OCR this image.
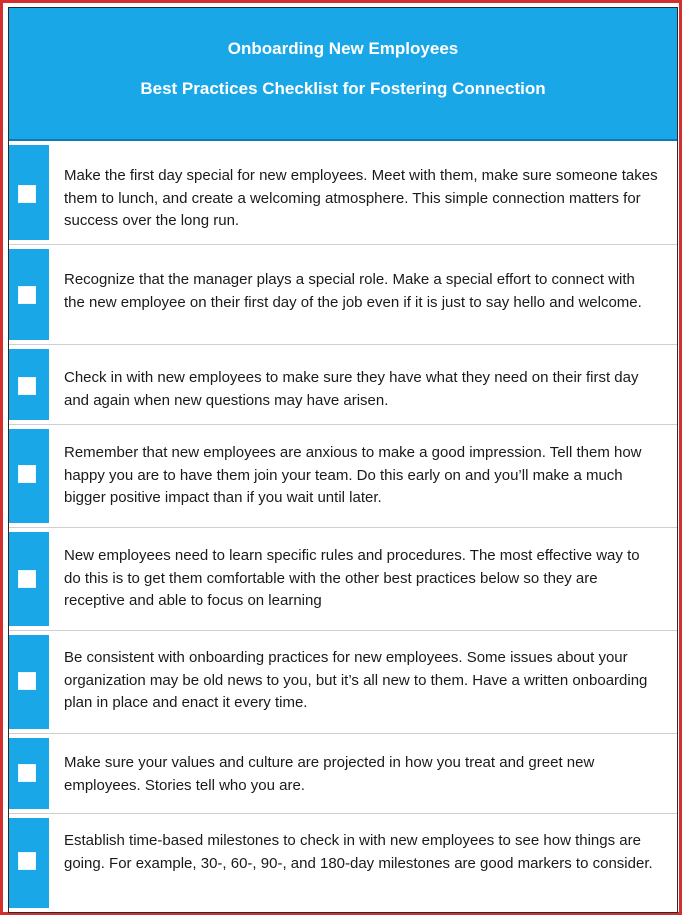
Onboarding New Employees
Best Practices Checklist for Fostering Connection
Make the first day special for new employees. Meet with them, make sure someone takes them to lunch, and create a welcoming atmosphere. This simple connection matters for success over the long run.
Recognize that the manager plays a special role. Make a special effort to connect with the new employee on their first day of the job even if it is just to say hello and welcome.
Check in with new employees to make sure they have what they need on their first day and again when new questions may have arisen.
Remember that new employees are anxious to make a good impression. Tell them how happy you are to have them join your team. Do this early on and you’ll make a much bigger positive impact than if you wait until later.
New employees need to learn specific rules and procedures. The most effective way to do this is to get them comfortable with the other best practices below so they are receptive and able to focus on learning
Be consistent with onboarding practices for new employees. Some issues about your organization may be old news to you, but it’s all new to them. Have a written onboarding plan in place and enact it every time.
Make sure your values and culture are projected in how you treat and greet new employees. Stories tell who you are.
Establish time-based milestones to check in with new employees to see how things are going. For example, 30-, 60-, 90-, and 180-day milestones are good markers to consider.
